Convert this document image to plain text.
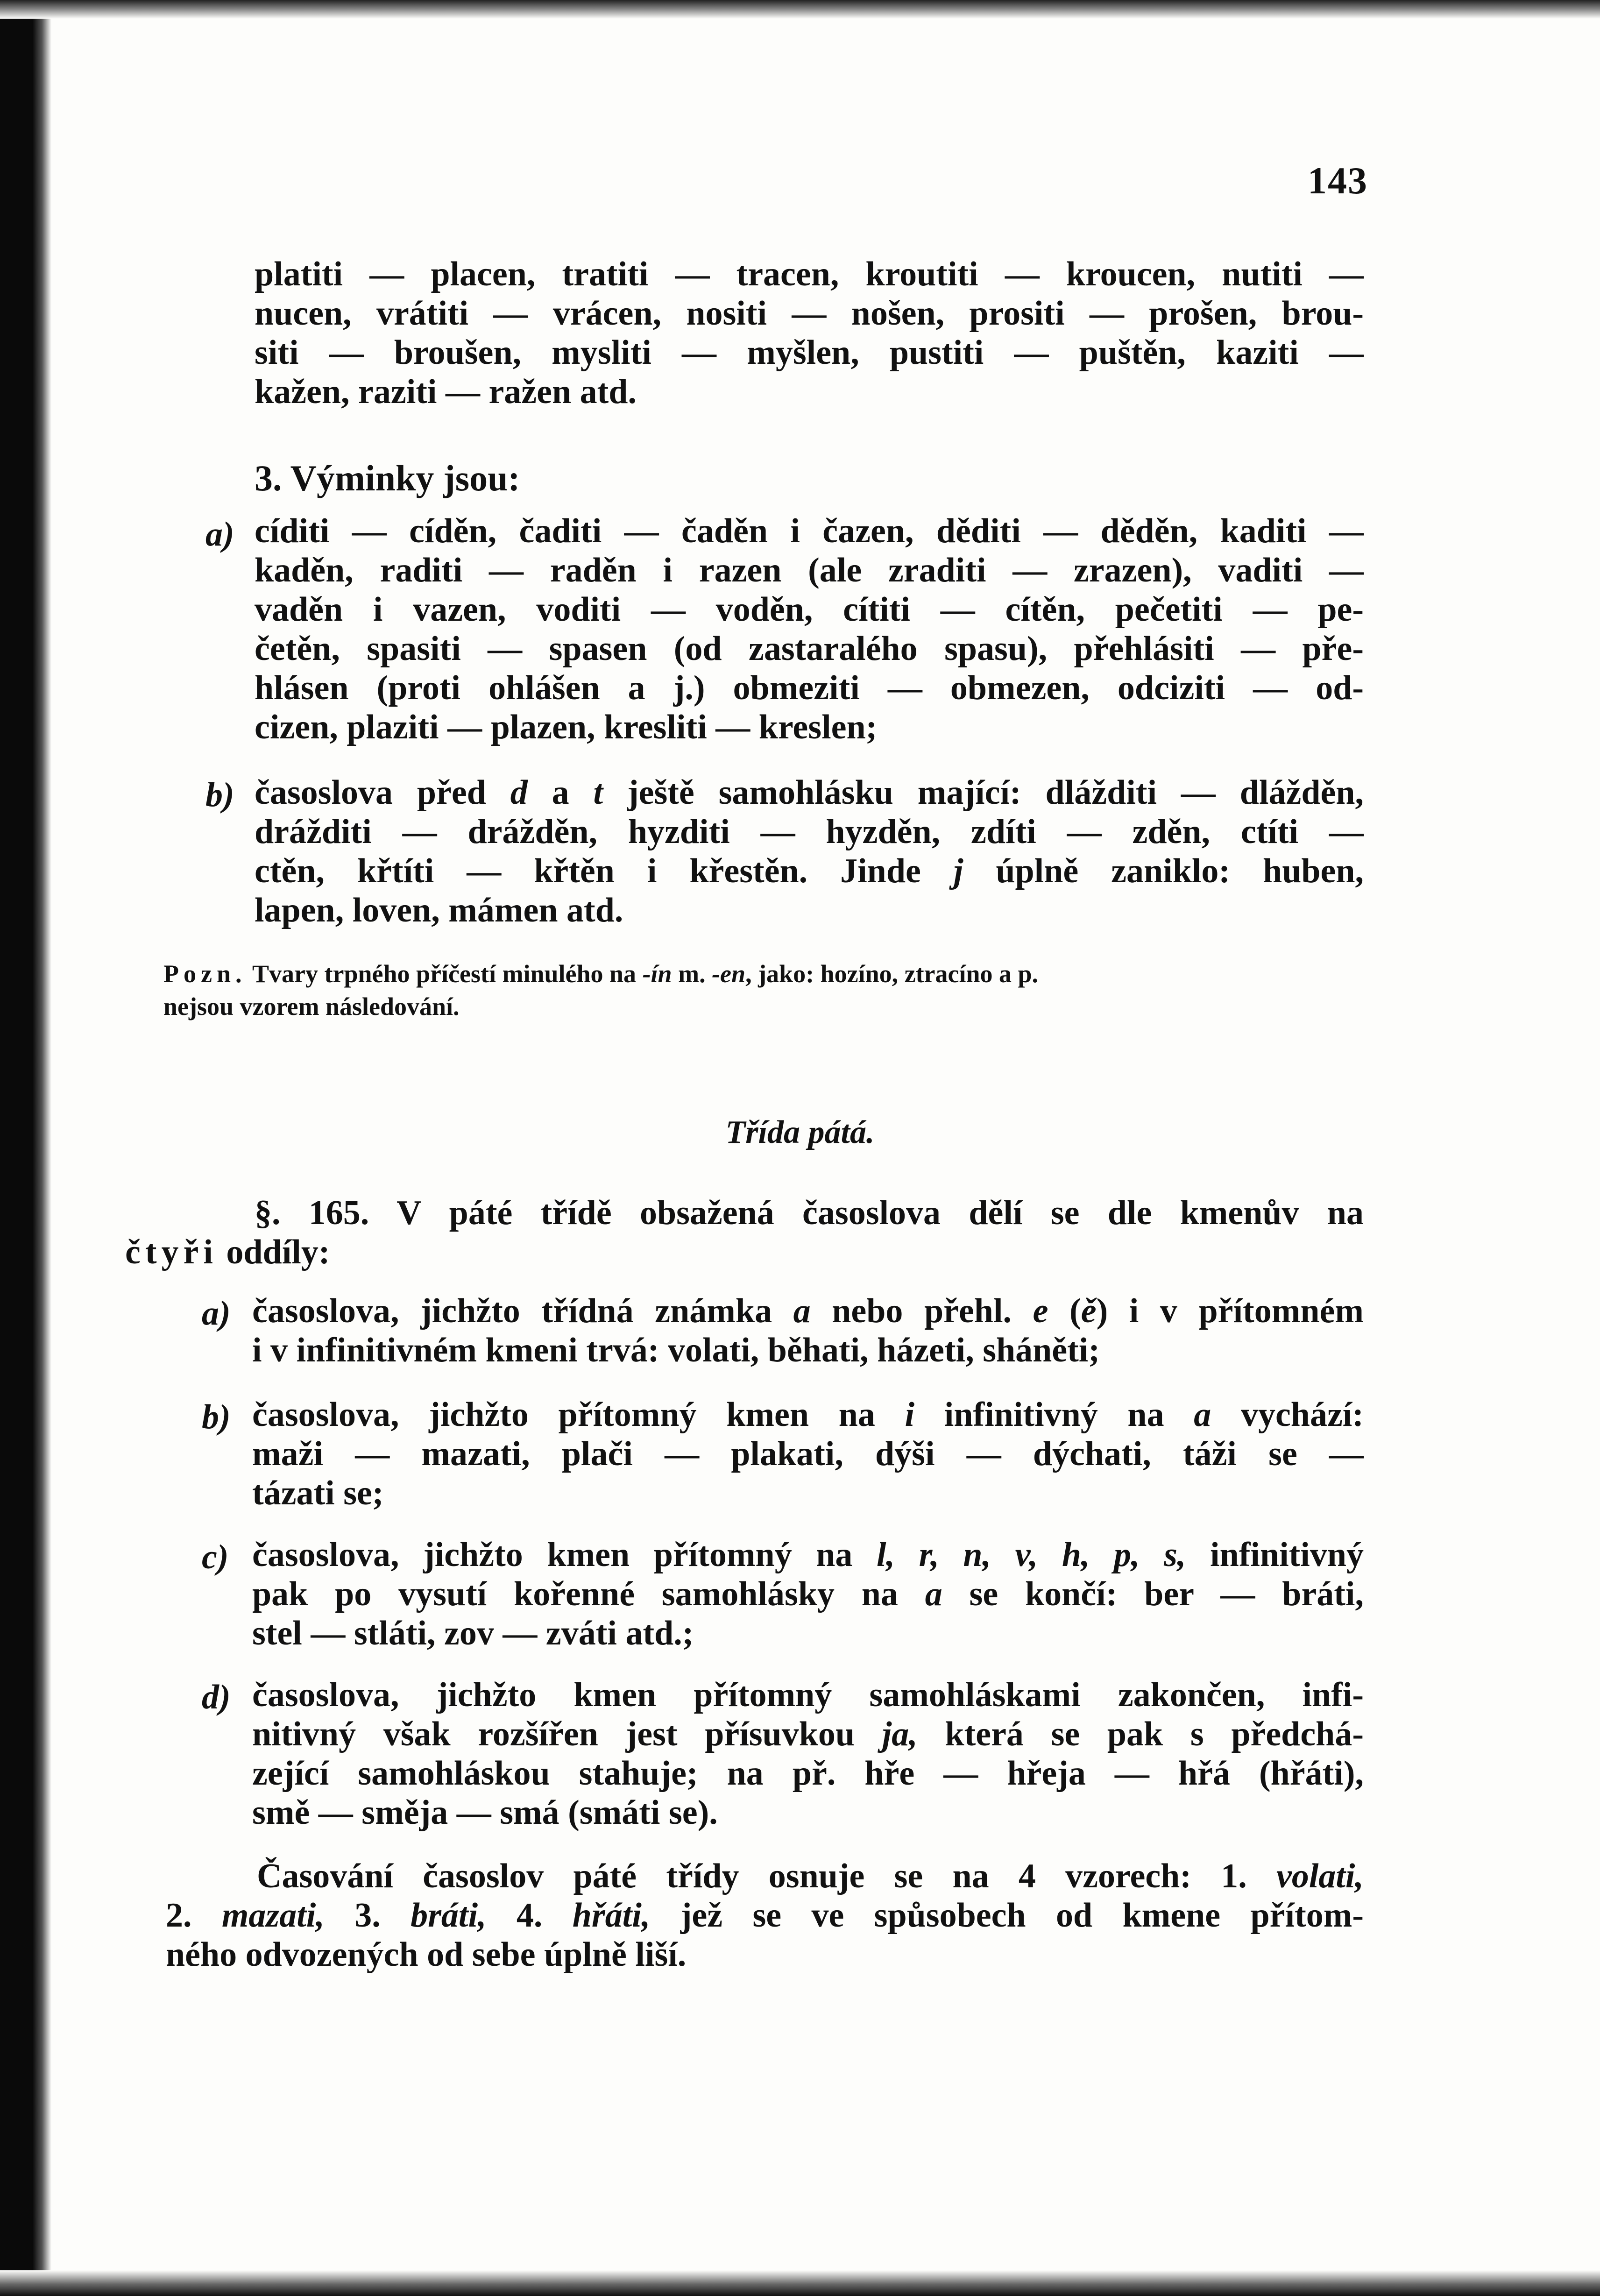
143
platiti — placen, tratiti — tracen, kroutiti — kroucen, nutiti —
nucen, vrátiti — vrácen, nositi — nošen, prositi — prošen, brou-
siti — broušen, mysliti — myšlen, pustiti — puštěn, kaziti —
kažen, raziti — ražen atd.
3. Výminky jsou:
a) cíditi — cíděn, čaditi — čaděn i čazen, děditi — děděn, kaditi —
kaděn, raditi — raděn i razen (ale zraditi — zrazen), vaditi —
vaděn i vazen, voditi — voděn, cítiti — cítěn, pečetiti — pe-
četěn, spasiti — spasen (od zastaralého spasu), přehlásiti — pře-
hlásen (proti ohlášen a j.) obmeziti — obmezen, odciziti — od-
cizen, plaziti — plazen, kresliti — kreslen;
b) časoslova před d a t ještě samohlásku mající: dlážditi — dlážděn,
drážditi — drážděn, hyzditi — hyzděn, zdíti — zděn, ctíti —
ctěn, křtíti — křtěn i křestěn. Jinde j úplně zaniklo: huben,
lapen, loven, mámen atd.
Pozn. Tvary trpného příčestí minulého na -ín m. -en, jako: hozíno, ztracíno a p.
nejsou vzorem následování.
Třída pátá.
§. 165. V páté třídě obsažená časoslova dělí se dle kmenův na
čtyři oddíly:
a) časoslova, jichžto třídná známka a nebo přehl. e (ě) i v přítomném
i v infinitivném kmeni trvá: volati, běhati, házeti, sháněti;
b) časoslova, jichžto přítomný kmen na i infinitivný na a vychází:
maži — mazati, plači — plakati, dýši — dýchati, táži se —
tázati se;
c) časoslova, jichžto kmen přítomný na l, r, n, v, h, p, s, infinitivný
pak po vysutí kořenné samohlásky na a se končí: ber — bráti,
stel — stláti, zov — zváti atd.;
d) časoslova, jichžto kmen přítomný samohláskami zakončen, infi-
nitivný však rozšířen jest přísuvkou ja, která se pak s předchá-
zející samohláskou stahuje; na př. hře — hřeja — hřá (hřáti),
smě — směja — smá (smáti se).
Časování časoslov páté třídy osnuje se na 4 vzorech: 1. volati,
2. mazati, 3. bráti, 4. hřáti, jež se ve spůsobech od kmene přítom-
ného odvozených od sebe úplně liší.
